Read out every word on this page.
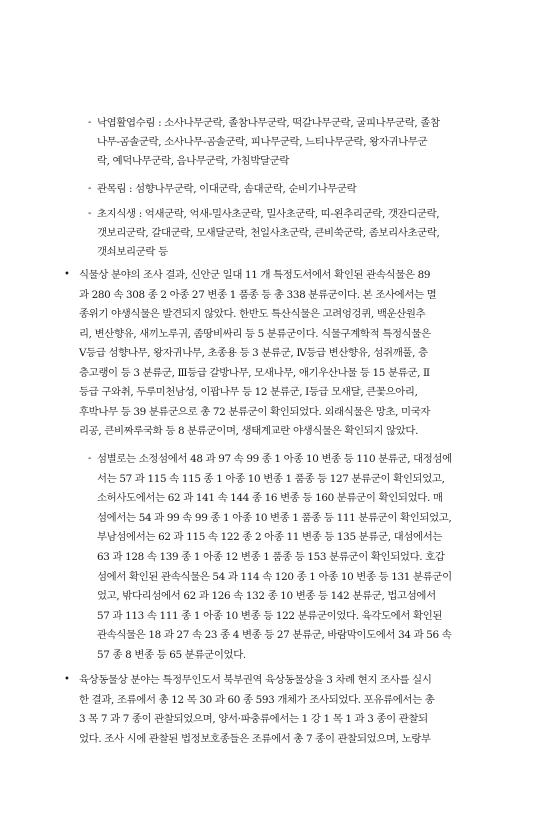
- 낙엽활엽수림 : 소사나무군락, 졸참나무군락, 떡갈나무군락, 굴피나무군락, 졸참
나무-곰솔군락, 소사나무-곰솔군락, 피나무군락, 느티나무군락, 왕자귀나무군
락, 예덕나무군락, 음나무군락, 가침박달군락
- 관목림 : 섬향나무군락, 이대군락, 솜대군락, 순비기나무군락
- 초지식생 : 억새군락, 억새-밀사초군락, 밀사초군락, 띠-왼추리군락, 갯잔디군락,
갯보리군락, 갈대군락, 모새달군락, 천일사초군락, 큰비쑥군락, 좀보리사초군락,
갯쇠보리군락 등
• 식물상 분야의 조사 결과, 신안군 일대 11 개 특정도서에서 확인된 관속식물은 89
과 280 속 308 종 2 아종 27 변종 1 품종 등 총 338 분류군이다. 본 조사에서는 멸
종위기 야생식물은 발견되지 않았다. 한반도 특산식물은 고려엉겅퀴, 백운산원추
리, 변산향유, 새끼노루귀, 좀땅비싸리 등 5 분류군이다. 식물구계학적 특정식물은
V등급 섬향나무, 왕자귀나무, 초종용 등 3 분류군, Ⅳ등급 변산향유, 섬쥐깨풀, 층
층고랭이 등 3 분류군, Ⅲ등급 갈방나무, 모새나무, 애기우산나물 등 15 분류군, Ⅱ
등급 구와취, 두루미천남성, 이팝나무 등 12 분류군, Ⅰ등급 모새달, 큰꽃으아리,
후박나무 등 39 분류군으로 총 72 분류군이 확인되었다. 외래식물은 망초, 미국자
리공, 큰비짜루국화 등 8 분류군이며, 생태계교란 야생식물은 확인되지 않았다.
- 섬별로는 소정섬에서 48 과 97 속 99 종 1 아종 10 변종 등 110 분류군, 대정섬에
서는 57 과 115 속 115 종 1 아종 10 변종 1 품종 등 127 분류군이 확인되었고,
소허사도에서는 62 과 141 속 144 종 16 변종 등 160 분류군이 확인되었다. 매
섬에서는 54 과 99 속 99 종 1 아종 10 변종 1 품종 등 111 분류군이 확인되었고,
부남섬에서는 62 과 115 속 122 종 2 아종 11 변종 등 135 분류군, 대섬에서는
63 과 128 속 139 종 1 아종 12 변종 1 품종 등 153 분류군이 확인되었다. 호갑
섬에서 확인된 관속식물은 54 과 114 속 120 종 1 아종 10 변종 등 131 분류군이
었고, 밖다리섬에서 62 과 126 속 132 종 10 변종 등 142 분류군, 법고섬에서
57 과 113 속 111 종 1 아종 10 변종 등 122 분류군이었다. 육각도에서 확인된
관속식물은 18 과 27 속 23 종 4 변종 등 27 분류군, 바람막이도에서 34 과 56 속
57 종 8 변종 등 65 분류군이었다.
• 육상동물상 분야는 특정무인도서 북부권역 육상동물상을 3 차례 현지 조사를 실시
한 결과, 조류에서 총 12 목 30 과 60 종 593 개체가 조사되었다. 포유류에서는 총
3 목 7 과 7 종이 관찰되었으며, 양서·파충류에서는 1 강 1 목 1 과 3 종이 관찰되
었다. 조사 시에 관찰된 법정보호종들은 조류에서 총 7 종이 관찰되었으며, 노랑부
